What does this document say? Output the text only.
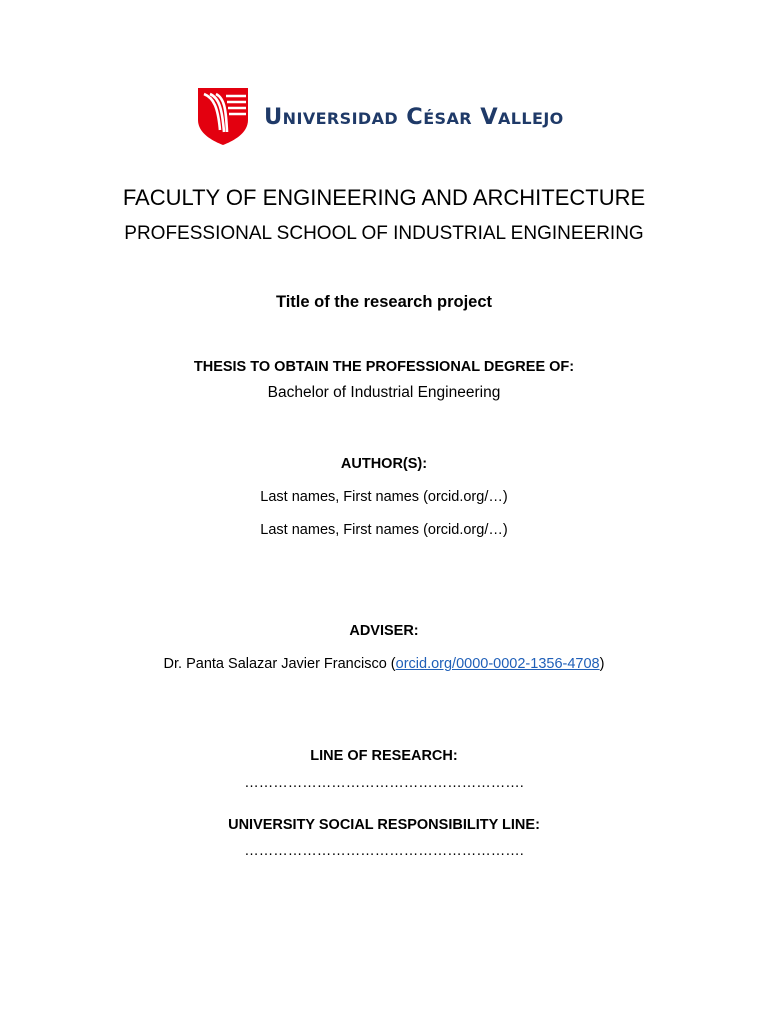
Universidad César Vallejo
FACULTY OF ENGINEERING AND ARCHITECTURE
PROFESSIONAL SCHOOL OF INDUSTRIAL ENGINEERING
Title of the research project
THESIS TO OBTAIN THE PROFESSIONAL DEGREE OF:
Bachelor of Industrial Engineering
AUTHOR(S):
Last names, First names (orcid.org/…)
Last names, First names (orcid.org/…)
ADVISER:
Dr. Panta Salazar Javier Francisco (orcid.org/0000-0002-1356-4708)
LINE OF RESEARCH:
………………………………………………….
UNIVERSITY SOCIAL RESPONSIBILITY LINE:
………………………………………………….
